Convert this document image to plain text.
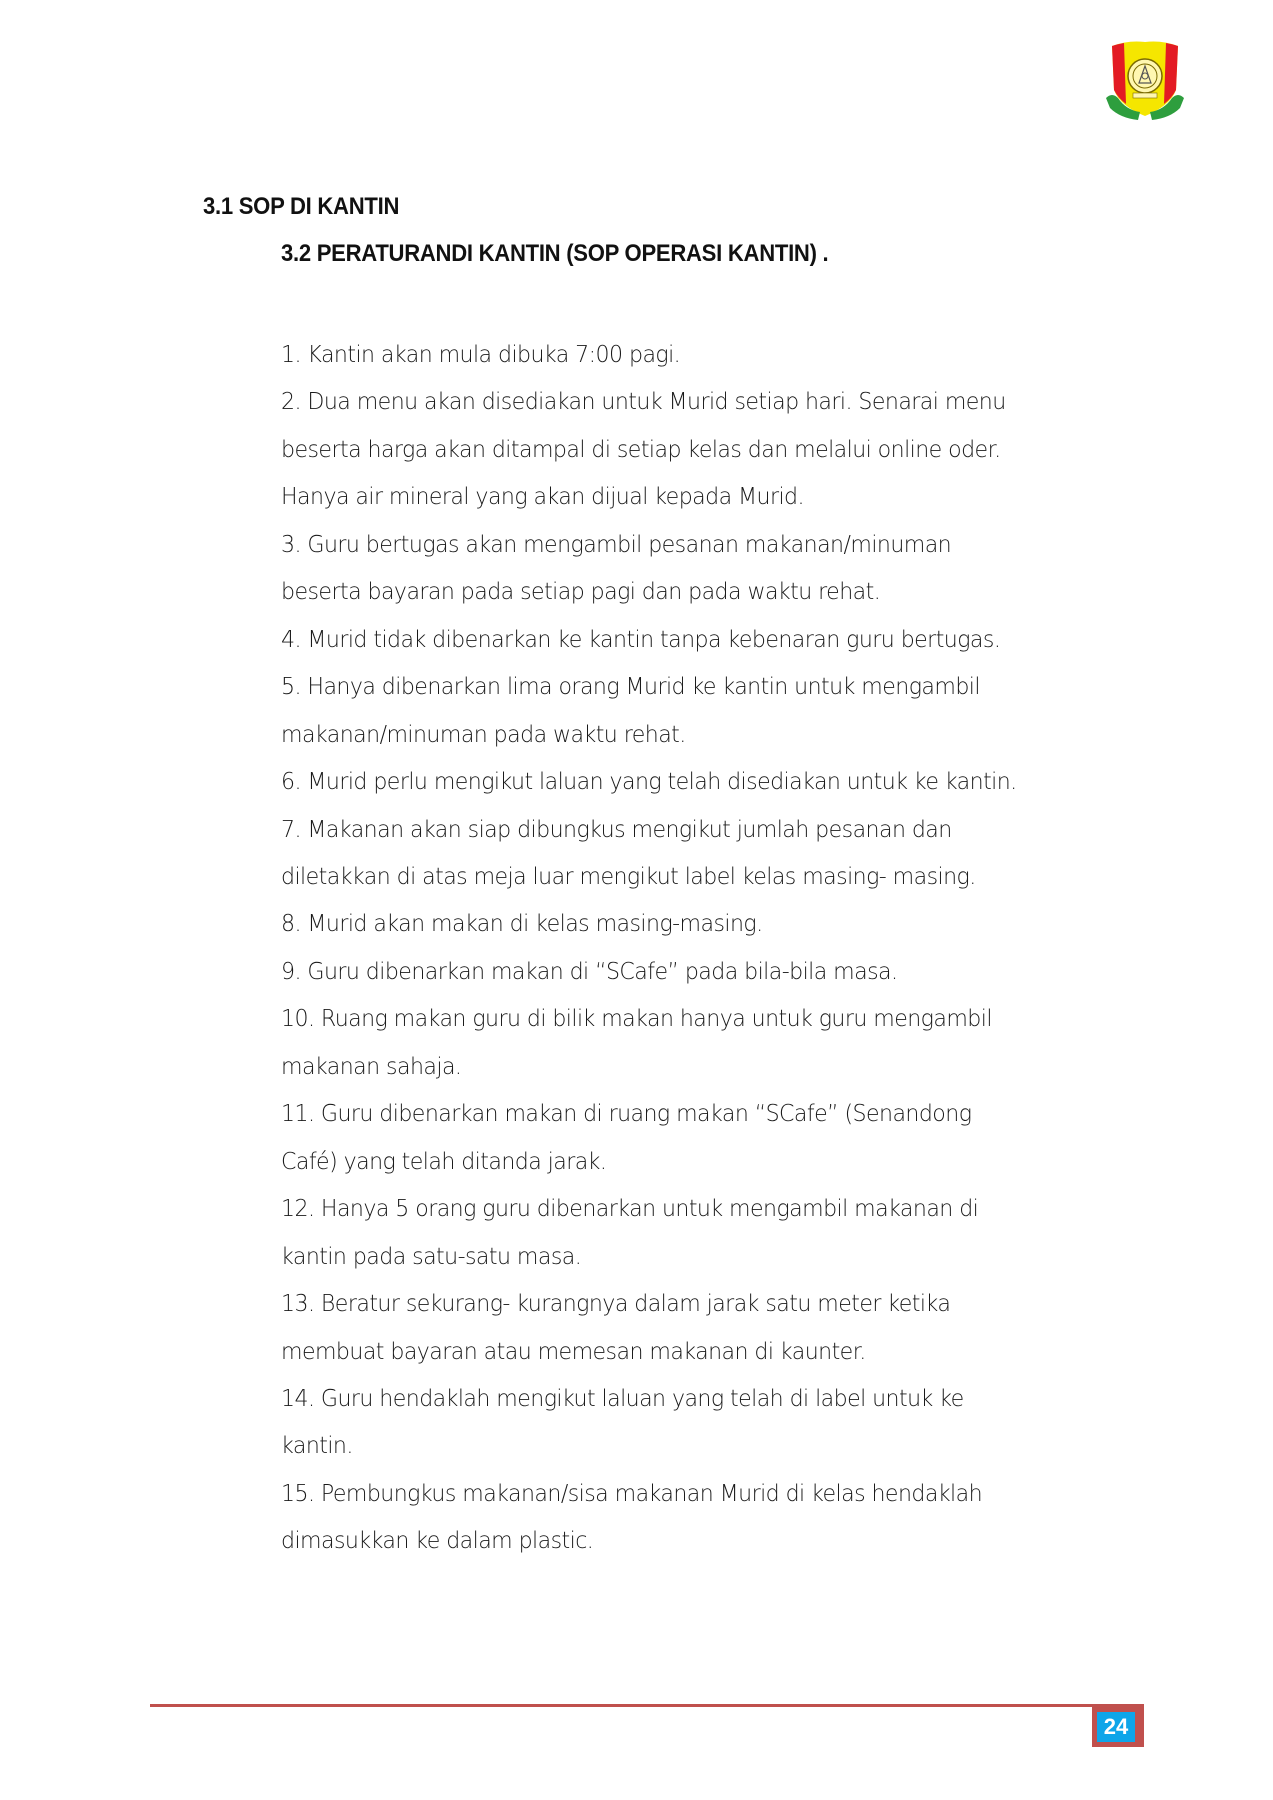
3.1 SOP DI KANTIN
3.2 PERATURANDI KANTIN (SOP OPERASI KANTIN) .
1. Kantin akan mula dibuka 7:00 pagi.
2. Dua menu akan disediakan untuk Murid setiap hari. Senarai menu
beserta harga akan ditampal di setiap kelas dan melalui online oder.
Hanya air mineral yang akan dijual kepada Murid.
3. Guru bertugas akan mengambil pesanan makanan/minuman
beserta bayaran pada setiap pagi dan pada waktu rehat.
4. Murid tidak dibenarkan ke kantin tanpa kebenaran guru bertugas.
5. Hanya dibenarkan lima orang Murid ke kantin untuk mengambil
makanan/minuman pada waktu rehat.
6. Murid perlu mengikut laluan yang telah disediakan untuk ke kantin.
7. Makanan akan siap dibungkus mengikut jumlah pesanan dan
diletakkan di atas meja luar mengikut label kelas masing- masing.
8. Murid akan makan di kelas masing-masing.
9. Guru dibenarkan makan di “SCafe” pada bila-bila masa.
10. Ruang makan guru di bilik makan hanya untuk guru mengambil
makanan sahaja.
11. Guru dibenarkan makan di ruang makan “SCafe” (Senandong
Café) yang telah ditanda jarak.
12. Hanya 5 orang guru dibenarkan untuk mengambil makanan di
kantin pada satu-satu masa.
13. Beratur sekurang- kurangnya dalam jarak satu meter ketika
membuat bayaran atau memesan makanan di kaunter.
14. Guru hendaklah mengikut laluan yang telah di label untuk ke
kantin.
15. Pembungkus makanan/sisa makanan Murid di kelas hendaklah
dimasukkan ke dalam plastic.
24
